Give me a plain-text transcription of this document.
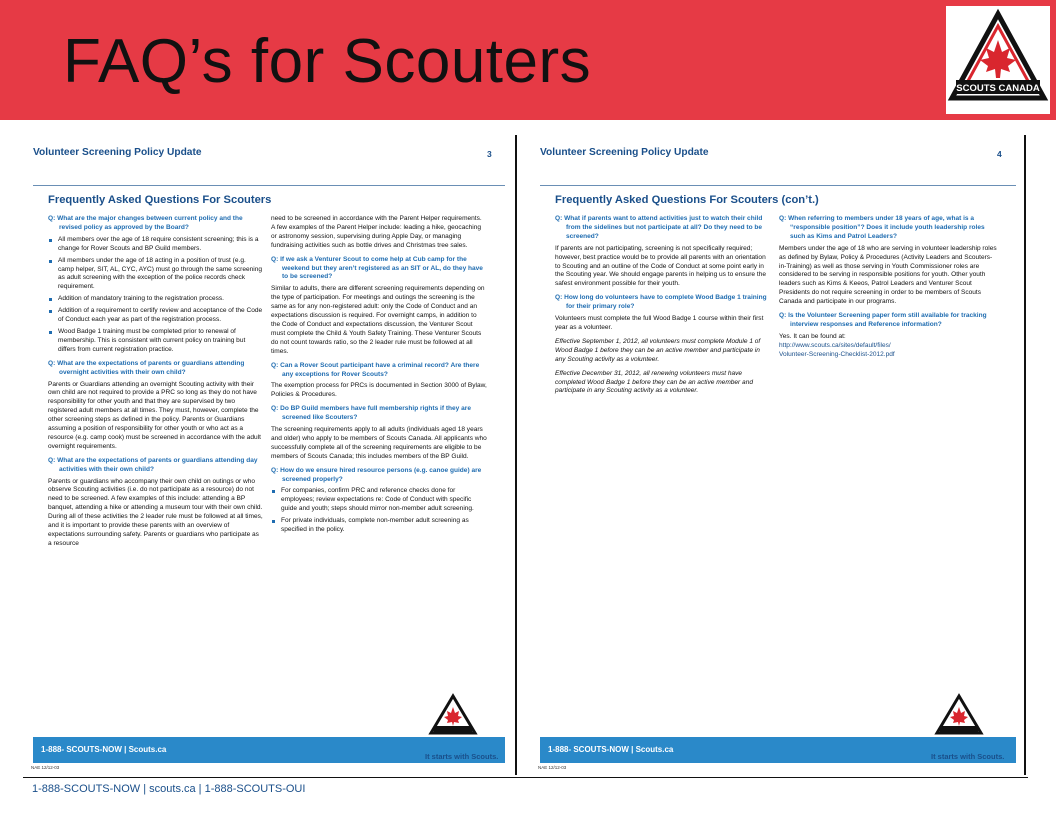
FAQ’s for Scouters	SCOUTS CANADA
Volunteer Screening Policy Update	3
Frequently Asked Questions For Scouters
Q: What are the major changes between current policy and the revised policy as approved by the Board?
All members over the age of 18 require consistent screening; this is a change for Rover Scouts and BP Guild members.
All members under the age of 18 acting in a position of trust (e.g. camp helper, SIT, AL, CYC, AYC) must go through the same screening as adult screening with the exception of the police records check requirement.
Addition of mandatory training to the registration process.
Addition of a requirement to certify review and acceptance of the Code of Conduct each year as part of the registration process.
Wood Badge 1 training must be completed prior to renewal of membership. This is consistent with current policy on training but differs from current registration practice.
Q: What are the expectations of parents or guardians attending overnight activities with their own child?
Parents or Guardians attending an overnight Scouting activity with their own child are not required to provide a PRC so long as they do not have responsibility for other youth and that they are supervised by two registered adult members at all times. They must, however, complete the other screening steps as defined in the policy. Parents or Guardians assuming a position of responsibility for other youth or who act as a resource (e.g. camp cook) must be screened in accordance with the adult overnight requirements.
Q: What are the expectations of parents or guardians attending day activities with their own child?
Parents or guardians who accompany their own child on outings or who observe Scouting activities (i.e. do not participate as a resource) do not need to be screened. A few examples of this include: attending a BP banquet, attending a hike or attending a museum tour with their own child. During all of these activities the 2 leader rule must be followed at all times, and it is important to provide these parents with an overview of expectations surrounding safety. Parents or guardians who participate as a resource
need to be screened in accordance with the Parent Helper requirements. A few examples of the Parent Helper include: leading a hike, geocaching or astronomy session, supervising during Apple Day, or managing fundraising activities such as bottle drives and Christmas tree sales.
Q: If we ask a Venturer Scout to come help at Cub camp for the weekend but they aren’t registered as an SIT or AL, do they have to be screened?
Similar to adults, there are different screening requirements depending on the type of participation. For meetings and outings the screening is the same as for any non-registered adult: only the Code of Conduct and an expectations discussion is required. For overnight camps, in addition to the Code of Conduct and expectations discussion, the Venturer Scout must complete the Child & Youth Safety Training. These Venturer Scouts do not count towards ratio, so the 2 leader rule must be followed at all times.
Q: Can a Rover Scout participant have a criminal record? Are there any exceptions for Rover Scouts?
The exemption process for PRCs is documented in Section 3000 of Bylaw, Policies & Procedures.
Q: Do BP Guild members have full membership rights if they are screened like Scouters?
The screening requirements apply to all adults (individuals aged 18 years and older) who apply to be members of Scouts Canada. All applicants who successfully complete all of the screening requirements are eligible to be members of Scouts Canada; this includes members of the BP Guild.
Q: How do we ensure hired resource persons (e.g. canoe guide) are screened properly?
For companies, confirm PRC and reference checks done for employees; review expectations re: Code of Conduct with specific guide and youth; steps should mirror non-member adult screening.
For private individuals, complete non-member adult screening as specified in the policy.
1-888- SCOUTS-NOW | Scouts.ca
It starts with Scouts.
NAE 12/12-03
Volunteer Screening Policy Update	4
Frequently Asked Questions For Scouters (con’t.)
Q: What if parents want to attend activities just to watch their child from the sidelines but not participate at all? Do they need to be screened?
If parents are not participating, screening is not specifically required; however, best practice would be to provide all parents with an orientation to Scouting and an outline of the Code of Conduct at some point early in the Scouting year. We should engage parents in helping us to ensure the safest environment possible for their youth.
Q: How long do volunteers have to complete Wood Badge 1 training for their primary role?
Volunteers must complete the full Wood Badge 1 course within their first year as a volunteer.
Effective September 1, 2012, all volunteers must complete Module 1 of Wood Badge 1 before they can be an active member and participate in any Scouting activity as a volunteer.
Effective December 31, 2012, all renewing volunteers must have completed Wood Badge 1 before they can be an active member and participate in any Scouting activity as a volunteer.
Q: When referring to members under 18 years of age, what is a “responsible position”? Does it include youth leadership roles such as Kims and Patrol Leaders?
Members under the age of 18 who are serving in volunteer leadership roles as defined by Bylaw, Policy & Procedures (Activity Leaders and Scouters-in-Training) as well as those serving in Youth Commissioner roles are considered to be serving in responsible positions for youth. Other youth leaders such as Kims & Keeos, Patrol Leaders and Venturer Scout Presidents do not require screening in order to be members of Scouts Canada and participate in our programs.
Q: Is the Volunteer Screening paper form still available for tracking interview responses and Reference information?
Yes. It can be found at:
http://www.scouts.ca/sites/default/files/
Volunteer-Screening-Checklist-2012.pdf
1-888- SCOUTS-NOW | Scouts.ca
It starts with Scouts.
NAE 12/12-03
1-888-SCOUTS-NOW | scouts.ca | 1-888-SCOUTS-OUI
